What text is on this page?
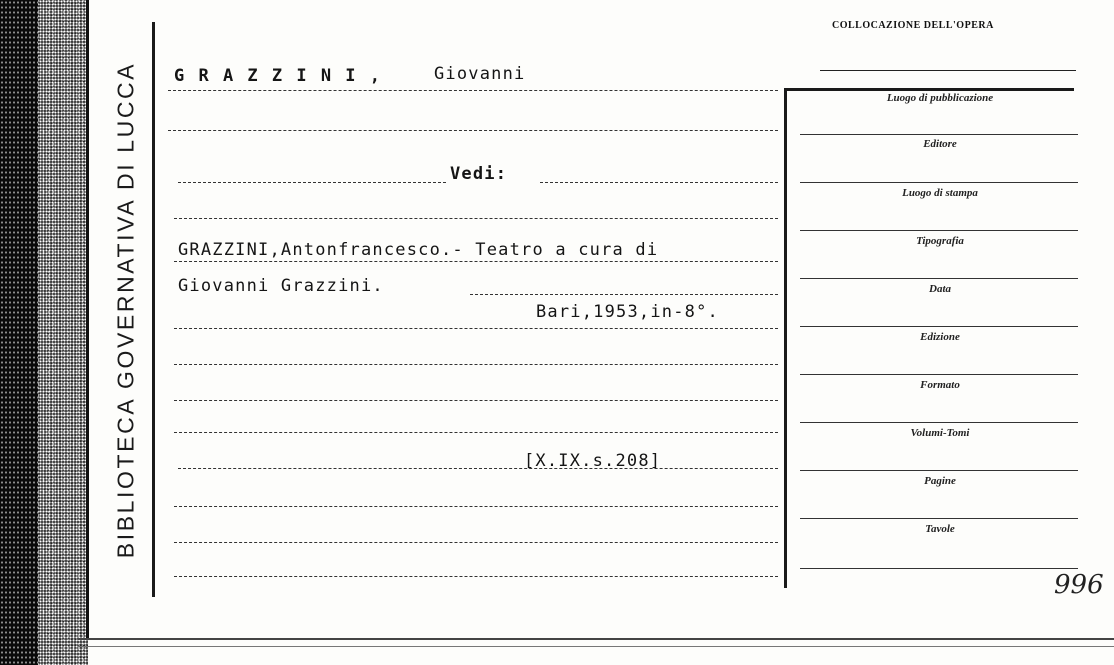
BIBLIOTECA GOVERNATIVA DI LUCCA
COLLOCAZIONE DELL'OPERA
G R A Z Z I N I ,	Giovanni
Vedi:
GRAZZINI,Antonfrancesco.- Teatro a cura di
Giovanni Grazzini.
Bari,1953,in-8°.
[X.IX.s.208]
Luogo di pubblicazione
Editore
Luogo di stampa
Tipografia
Data
Edizione
Formato
Volumi-Tomi
Pagine
Tavole
996
